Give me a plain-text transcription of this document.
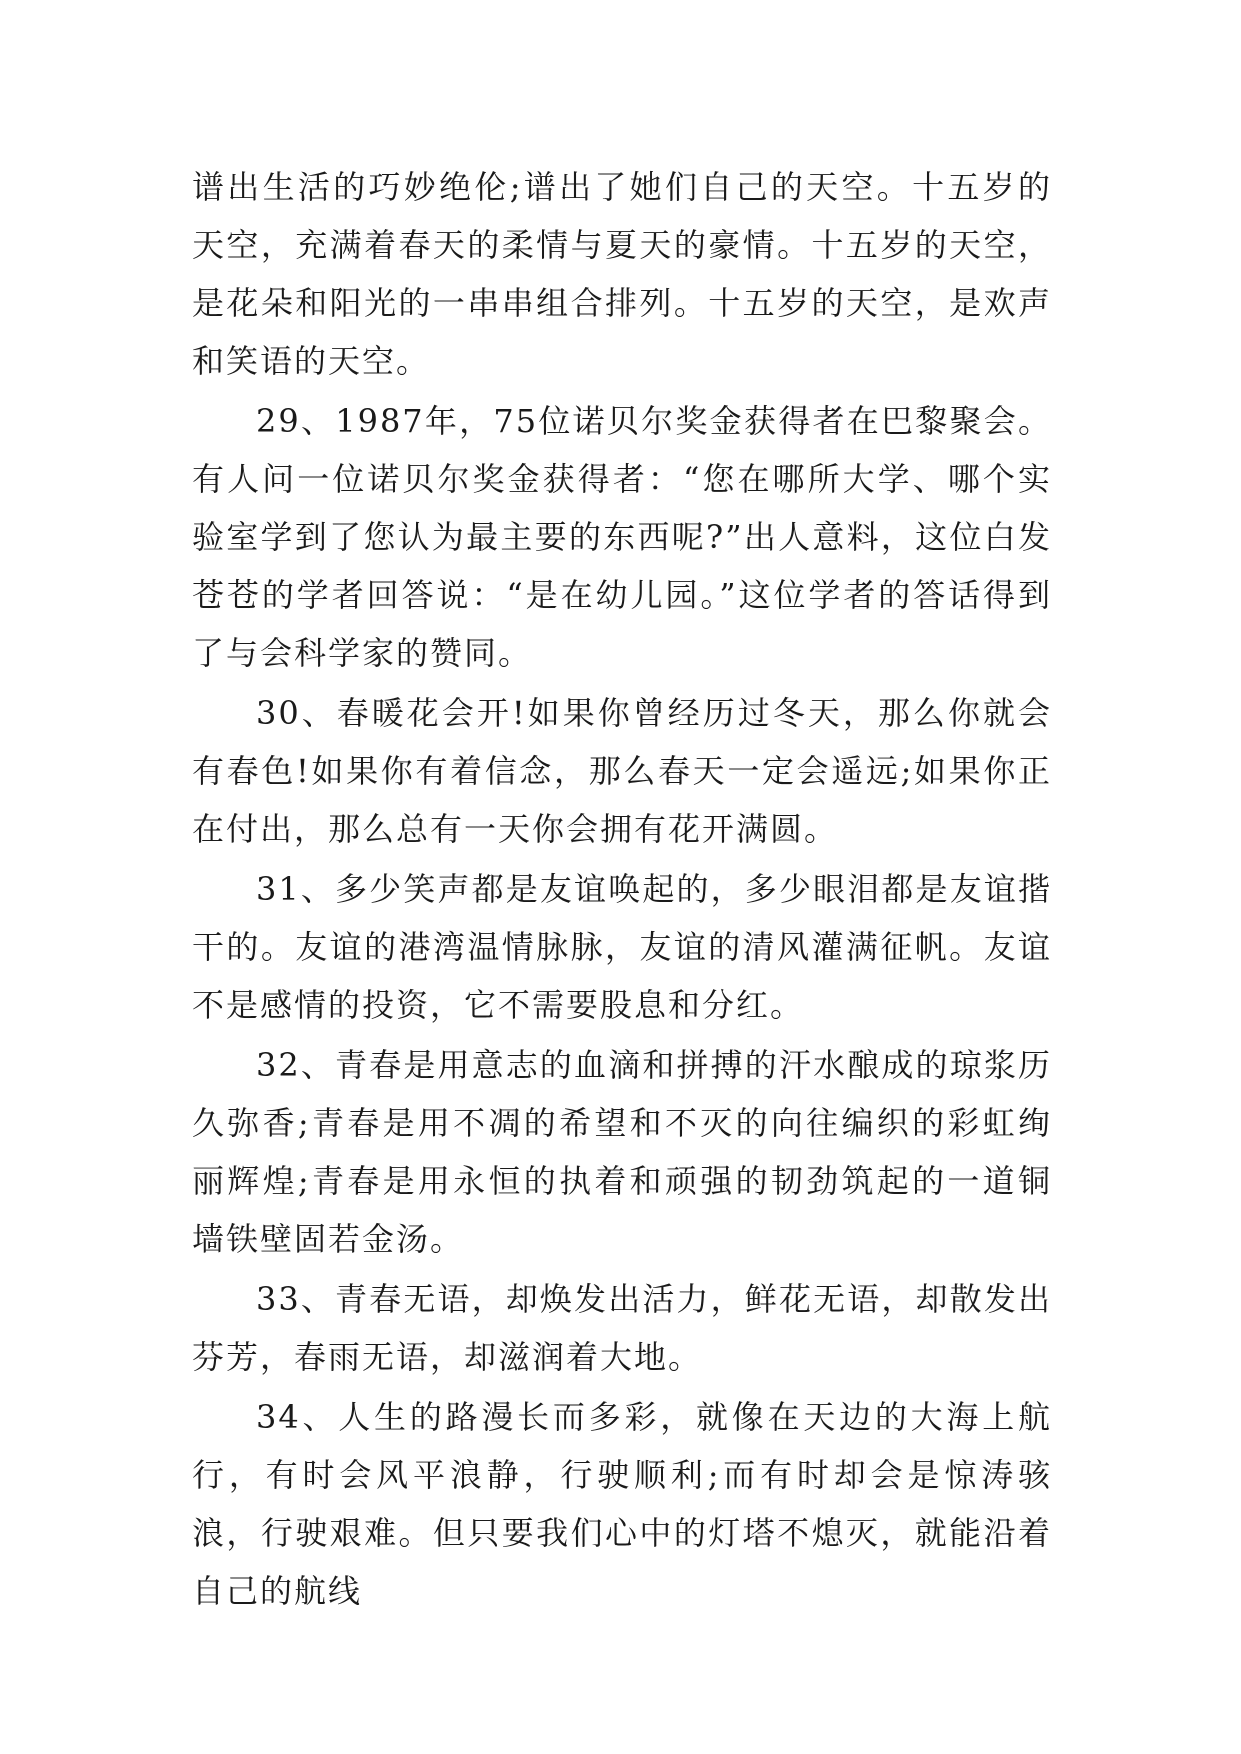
谱出生活的巧妙绝伦;谱出了她们自己的天空。十五岁的天空，充满着春天的柔情与夏天的豪情。十五岁的天空，是花朵和阳光的一串串组合排列。十五岁的天空，是欢声和笑语的天空。

29、1987年，75位诺贝尔奖金获得者在巴黎聚会。有人问一位诺贝尔奖金获得者：“您在哪所大学、哪个实验室学到了您认为最主要的东西呢?”出人意料，这位白发苍苍的学者回答说：“是在幼儿园。”这位学者的答话得到了与会科学家的赞同。

30、春暖花会开!如果你曾经历过冬天，那么你就会有春色!如果你有着信念，那么春天一定会遥远;如果你正在付出，那么总有一天你会拥有花开满圆。

31、多少笑声都是友谊唤起的，多少眼泪都是友谊揩干的。友谊的港湾温情脉脉，友谊的清风灌满征帆。友谊不是感情的投资，它不需要股息和分红。

32、青春是用意志的血滴和拼搏的汗水酿成的琼浆历久弥香;青春是用不凋的希望和不灭的向往编织的彩虹绚丽辉煌;青春是用永恒的执着和顽强的韧劲筑起的一道铜墙铁壁固若金汤。

33、青春无语，却焕发出活力，鲜花无语，却散发出芬芳，春雨无语，却滋润着大地。

34、人生的路漫长而多彩，就像在天边的大海上航行，有时会风平浪静，行驶顺利;而有时却会是惊涛骇浪，行驶艰难。但只要我们心中的灯塔不熄灭，就能沿着自己的航线
